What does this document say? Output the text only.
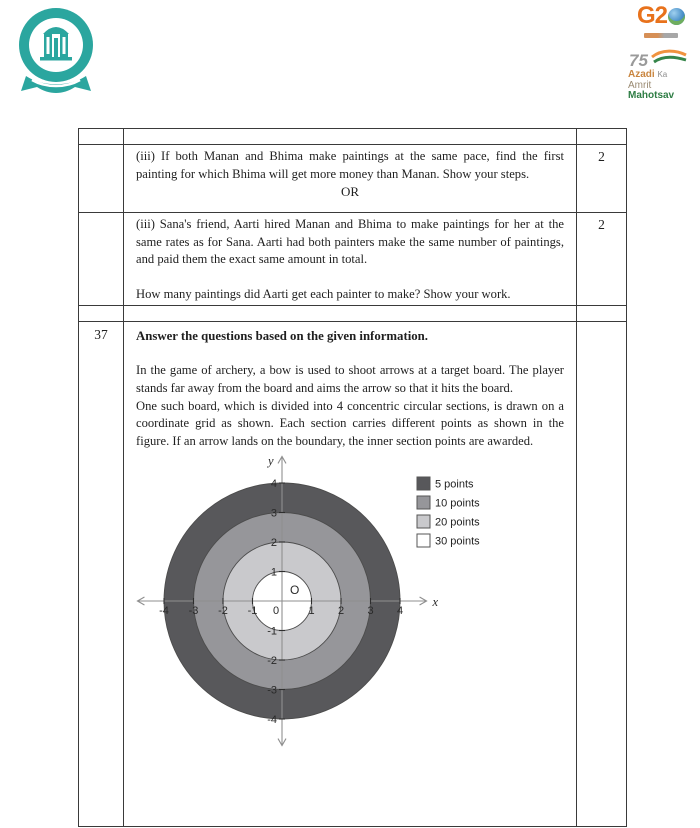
G2
75
Azadi Ka
Amrit Mahotsav
(iii) If both Manan and Bhima make paintings at the same pace, find the first painting for which Bhima will get more money than Manan. Show your steps.
OR
2
(iii) Sana's friend, Aarti hired Manan and Bhima to make paintings for her at the same rates as for Sana. Aarti had both painters make the same number of paintings, and paid them the exact same amount in total.
How many paintings did Aarti get each painter to make? Show your work.
2
37	Answer the questions based on the given information.
In the game of archery, a bow is used to shoot arrows at a target board. The player stands far away from the board and aims the arrow so that it hits the board.
One such board, which is divided into 4 concentric circular sections, is drawn on a coordinate grid as shown. Each section carries different points as shown in the figure. If an arrow lands on the boundary, the inner section points are awarded.
-4 -3 -2 -1 0	1 2 3 4
4
3
2
1
-1
-2
-3
-4
O
x
y
5 points
10 points
20 points
30 points
